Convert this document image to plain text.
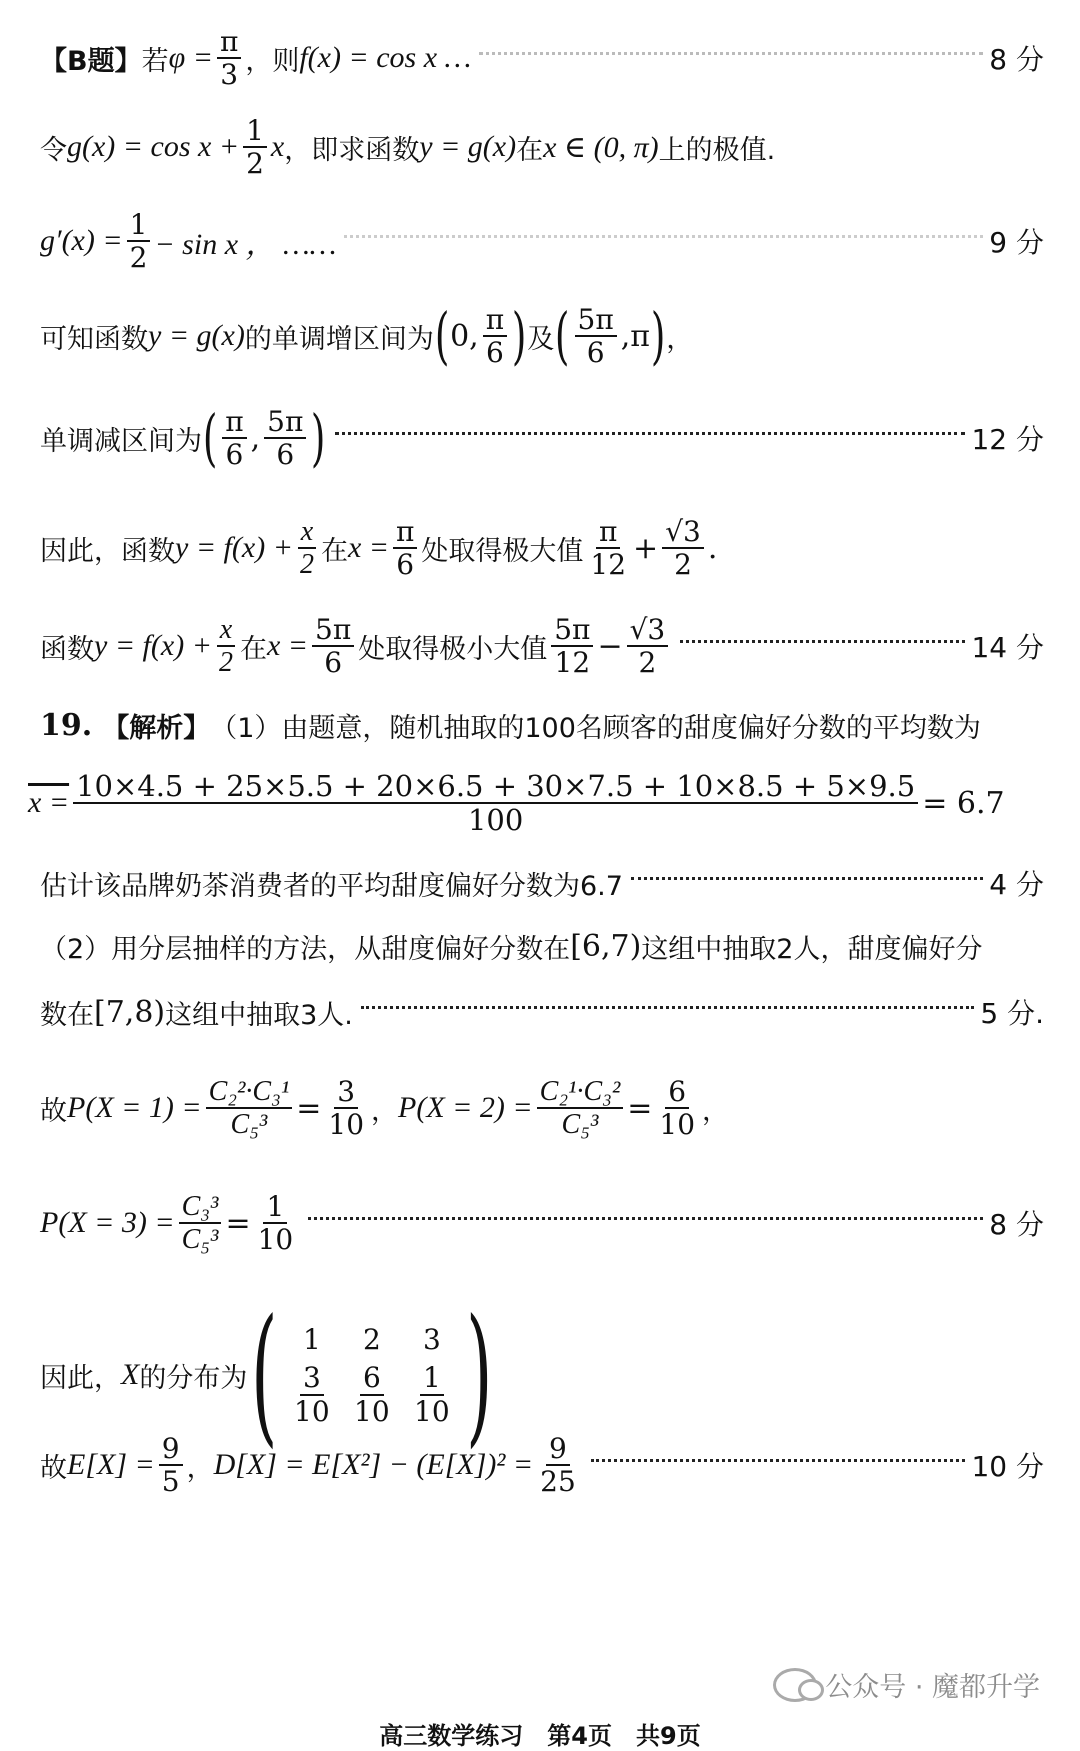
【B题】 若 $\varphi = \frac{\pi}{3}$ ，则 f(x) = cos x …	8 分
令 $g(x) = \cos x + \frac{1}{2}$ x ，即求函数 y = g(x) 在 x ∈ (0, π) 上的极值.
$g'(x) = \frac{1}{2} - \sin x$ ， ……	9 分
可知函数 y = g(x) 的单调增区间为 ( 0, $\frac{\pi}{6}$ ) 及 ( $\frac{5\pi}{6} ,\pi$ ) ，
单调减区间为 ( $\frac{\pi}{6}$ , $\frac{5\pi}{6}$ )	12 分
因此，函数 $y = f(x) + \frac{x}{2}$ 在 $x = \frac{\pi}{6}$ 处取得极大值 $\frac{\pi}{12} + \frac{√3}{2}$ .
函数 $y = f(x) + \frac{x}{2}$ 在 $x = \frac{5\pi}{6}$ 处取得极小大值 $\frac{5\pi}{12} - \frac{√3}{2}$	14 分
19. 【解析】 （1）由题意，随机抽取的100名顾客的甜度偏好分数的平均数为
$x = \frac{10\times 4.5 + 25\times 5.5 + 20\times 6.5 + 30\times 7.5 + 10\times 8.5 + 5\times 9.5}{100} = 6.7$
估计该品牌奶茶消费者的平均甜度偏好分数为6.7	4 分
（2）用分层抽样的方法，从甜度偏好分数在 [6,7) 这组中抽取2人，甜度偏好分
数在 [7,8) 这组中抽取3人.	5 分.
故 $P(X = 1) = \frac{\text{C₂²·C₃¹}}{\text{C₅³}} = \frac{3}{10}$ ， $P(X = 2) = \frac{\text{C₂¹·C₃²}}{\text{C₅³}} = \frac{6}{10}$ ，
$P(X = 3) = \frac{\text{C₃³}}{\text{C₅³}} = \frac{1}{10}$	8 分
因此， X 的分布为 ( 1	2	3
$\frac{3}{10} \frac{6}{10} \frac{1}{10}$ )
故 $E[X] = \frac{9}{5}$ ， $D[X] = E[X^2] - (E[X])^2 = \frac{9}{25}$	10 分
公众号 · 魔都升学
高三数学练习　第4页　共9页
